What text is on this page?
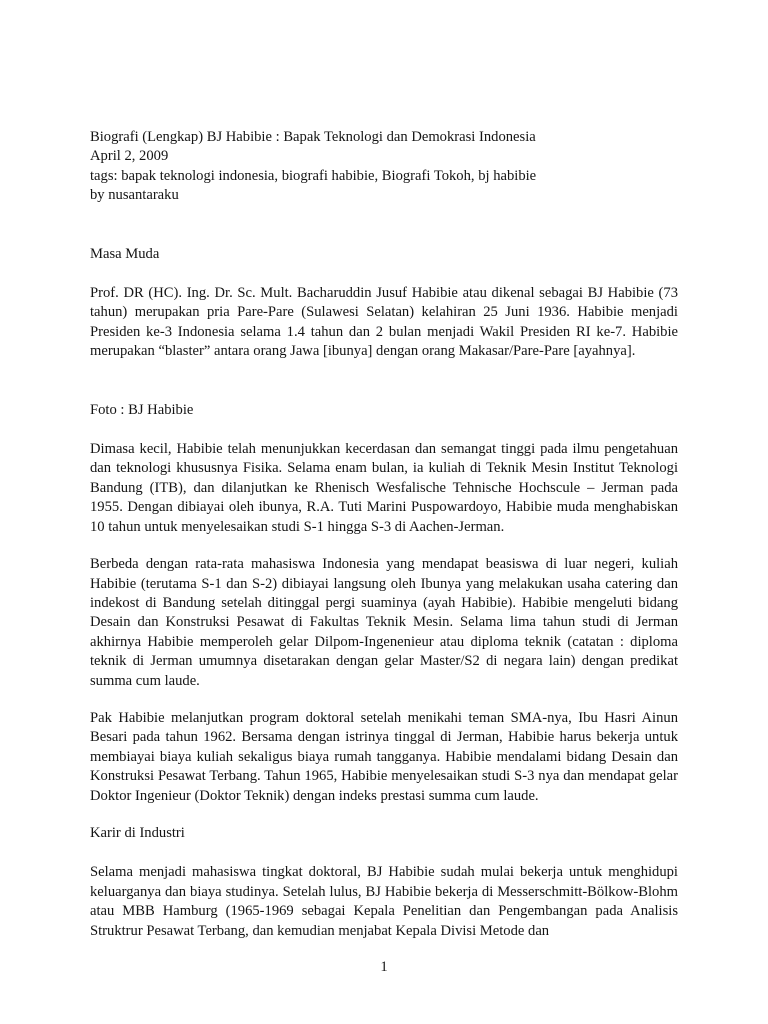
Biografi (Lengkap) BJ Habibie : Bapak Teknologi dan Demokrasi Indonesia

April 2, 2009

tags: bapak teknologi indonesia, biografi habibie, Biografi Tokoh, bj habibie

by nusantaraku

Masa Muda

Prof. DR (HC). Ing. Dr. Sc. Mult. Bacharuddin Jusuf Habibie atau dikenal sebagai BJ Habibie (73 tahun) merupakan pria Pare-Pare (Sulawesi Selatan) kelahiran 25 Juni 1936. Habibie menjadi Presiden ke-3 Indonesia selama 1.4 tahun dan 2 bulan menjadi Wakil Presiden RI ke-7. Habibie merupakan “blaster” antara orang Jawa [ibunya] dengan orang Makasar/Pare-Pare [ayahnya].

Foto : BJ Habibie

Dimasa kecil, Habibie telah menunjukkan kecerdasan dan semangat tinggi pada ilmu pengetahuan dan teknologi khususnya Fisika. Selama enam bulan, ia kuliah di Teknik Mesin Institut Teknologi Bandung (ITB), dan dilanjutkan ke Rhenisch Wesfalische Tehnische Hochscule – Jerman pada 1955. Dengan dibiayai oleh ibunya, R.A. Tuti Marini Puspowardoyo, Habibie muda menghabiskan 10 tahun untuk menyelesaikan studi S-1 hingga S-3 di Aachen-Jerman.

Berbeda dengan rata-rata mahasiswa Indonesia yang mendapat beasiswa di luar negeri, kuliah Habibie (terutama S-1 dan S-2) dibiayai langsung oleh Ibunya yang melakukan usaha catering dan indekost di Bandung setelah ditinggal pergi suaminya (ayah Habibie). Habibie mengeluti bidang Desain dan Konstruksi Pesawat di Fakultas Teknik Mesin. Selama lima tahun studi di Jerman akhirnya Habibie memperoleh gelar Dilpom-Ingenenieur atau diploma teknik (catatan : diploma teknik di Jerman umumnya disetarakan dengan gelar Master/S2 di negara lain) dengan predikat summa cum laude.

Pak Habibie melanjutkan program doktoral setelah menikahi teman SMA-nya, Ibu Hasri Ainun Besari pada tahun 1962. Bersama dengan istrinya tinggal di Jerman, Habibie harus bekerja untuk membiayai biaya kuliah sekaligus biaya rumah tangganya. Habibie mendalami bidang Desain dan Konstruksi Pesawat Terbang. Tahun 1965, Habibie menyelesaikan studi S-3 nya dan mendapat gelar Doktor Ingenieur (Doktor Teknik) dengan indeks prestasi summa cum laude.

Karir di Industri

Selama menjadi mahasiswa tingkat doktoral, BJ Habibie sudah mulai bekerja untuk menghidupi keluarganya dan biaya studinya. Setelah lulus, BJ Habibie bekerja di Messerschmitt-Bölkow-Blohm atau MBB Hamburg (1965-1969 sebagai Kepala Penelitian dan Pengembangan pada Analisis Struktrur Pesawat Terbang, dan kemudian menjabat Kepala Divisi Metode dan

1
